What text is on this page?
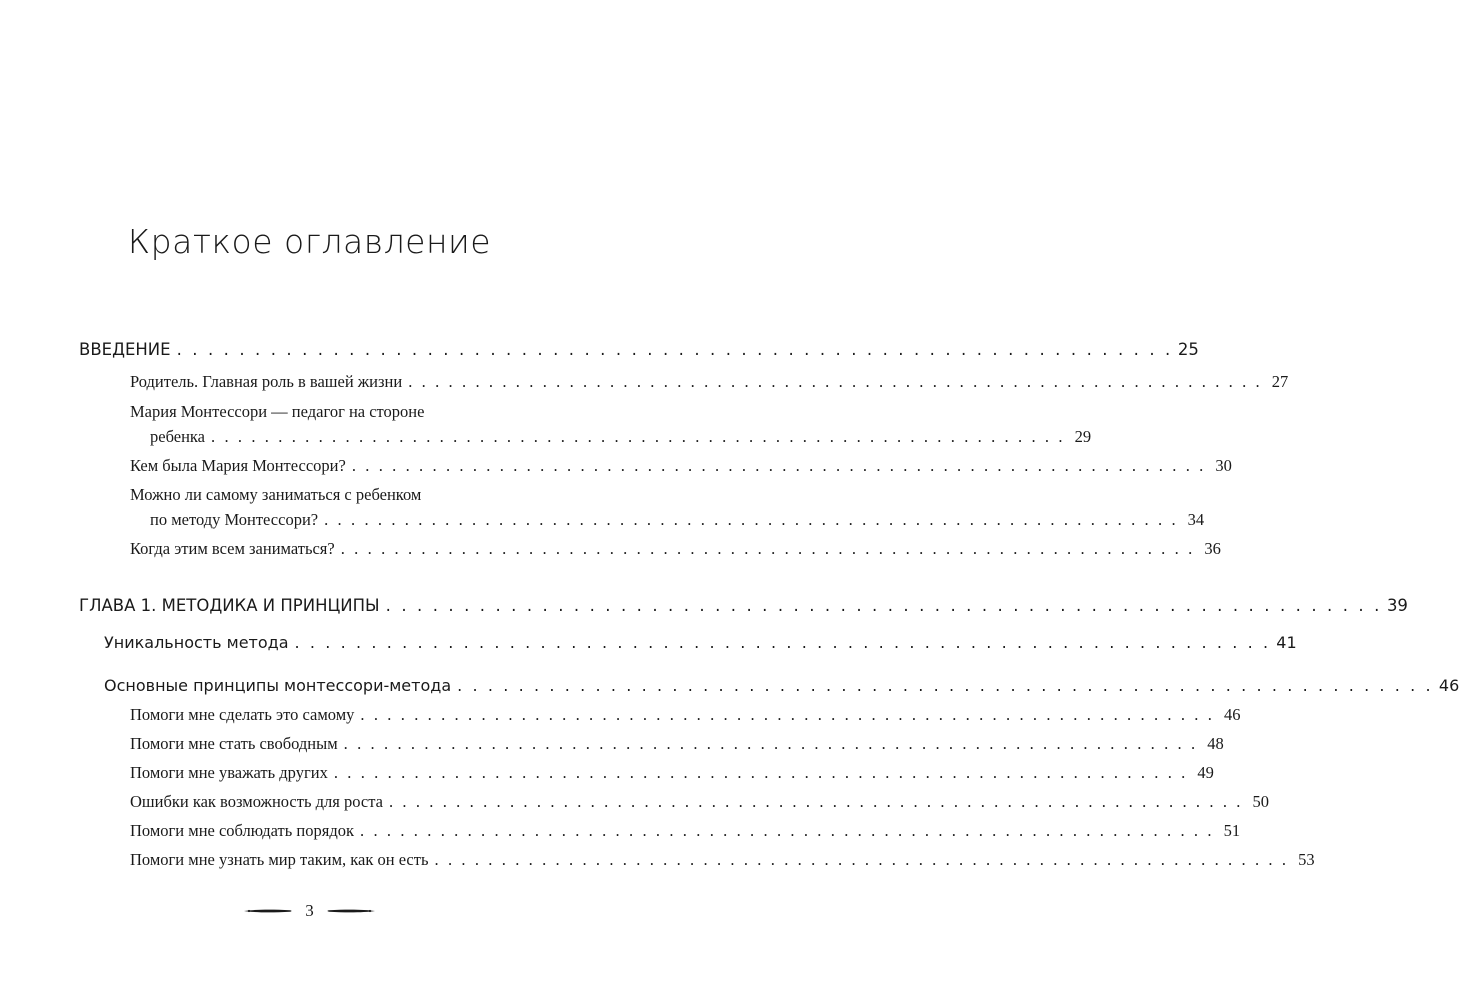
Краткое оглавление
ВВЕДЕНИЕ . . . . . . . . . . . . . . . . . . . . . . . . . . . . . . . . . . . . . . . . . . . . . . . . . . . . . . . . . . . . . . . . 25
Родитель. Главная роль в вашей жизни . . . . . . . . . . . . . . . . . . . . . . . . . . . . . . . . . . . . . . . . . . . . . . . . . . . . . . . . . . . . . . . . 27
Мария Монтессори — педагог на стороне
ребенка . . . . . . . . . . . . . . . . . . . . . . . . . . . . . . . . . . . . . . . . . . . . . . . . . . . . . . . . . . . . . . . . 29
Кем была Мария Монтессори? . . . . . . . . . . . . . . . . . . . . . . . . . . . . . . . . . . . . . . . . . . . . . . . . . . . . . . . . . . . . . . . . 30
Можно ли самому заниматься с ребенком
по методу Монтессори? . . . . . . . . . . . . . . . . . . . . . . . . . . . . . . . . . . . . . . . . . . . . . . . . . . . . . . . . . . . . . . . . 34
Когда этим всем заниматься? . . . . . . . . . . . . . . . . . . . . . . . . . . . . . . . . . . . . . . . . . . . . . . . . . . . . . . . . . . . . . . . . 36
ГЛАВА 1. МЕТОДИКА И ПРИНЦИПЫ . . . . . . . . . . . . . . . . . . . . . . . . . . . . . . . . . . . . . . . . . . . . . . . . . . . . . . . . . . . . . . . . 39
Уникальность метода . . . . . . . . . . . . . . . . . . . . . . . . . . . . . . . . . . . . . . . . . . . . . . . . . . . . . . . . . . . . . . . . 41
Основные принципы монтессори-метода . . . . . . . . . . . . . . . . . . . . . . . . . . . . . . . . . . . . . . . . . . . . . . . . . . . . . . . . . . . . . . . . 46
Помоги мне сделать это самому . . . . . . . . . . . . . . . . . . . . . . . . . . . . . . . . . . . . . . . . . . . . . . . . . . . . . . . . . . . . . . . . 46
Помоги мне стать свободным . . . . . . . . . . . . . . . . . . . . . . . . . . . . . . . . . . . . . . . . . . . . . . . . . . . . . . . . . . . . . . . . 48
Помоги мне уважать других . . . . . . . . . . . . . . . . . . . . . . . . . . . . . . . . . . . . . . . . . . . . . . . . . . . . . . . . . . . . . . . . 49
Ошибки как возможность для роста . . . . . . . . . . . . . . . . . . . . . . . . . . . . . . . . . . . . . . . . . . . . . . . . . . . . . . . . . . . . . . . . 50
Помоги мне соблюдать порядок . . . . . . . . . . . . . . . . . . . . . . . . . . . . . . . . . . . . . . . . . . . . . . . . . . . . . . . . . . . . . . . . 51
Помоги мне узнать мир таким, как он есть . . . . . . . . . . . . . . . . . . . . . . . . . . . . . . . . . . . . . . . . . . . . . . . . . . . . . . . . . . . . . . . . 53
3
